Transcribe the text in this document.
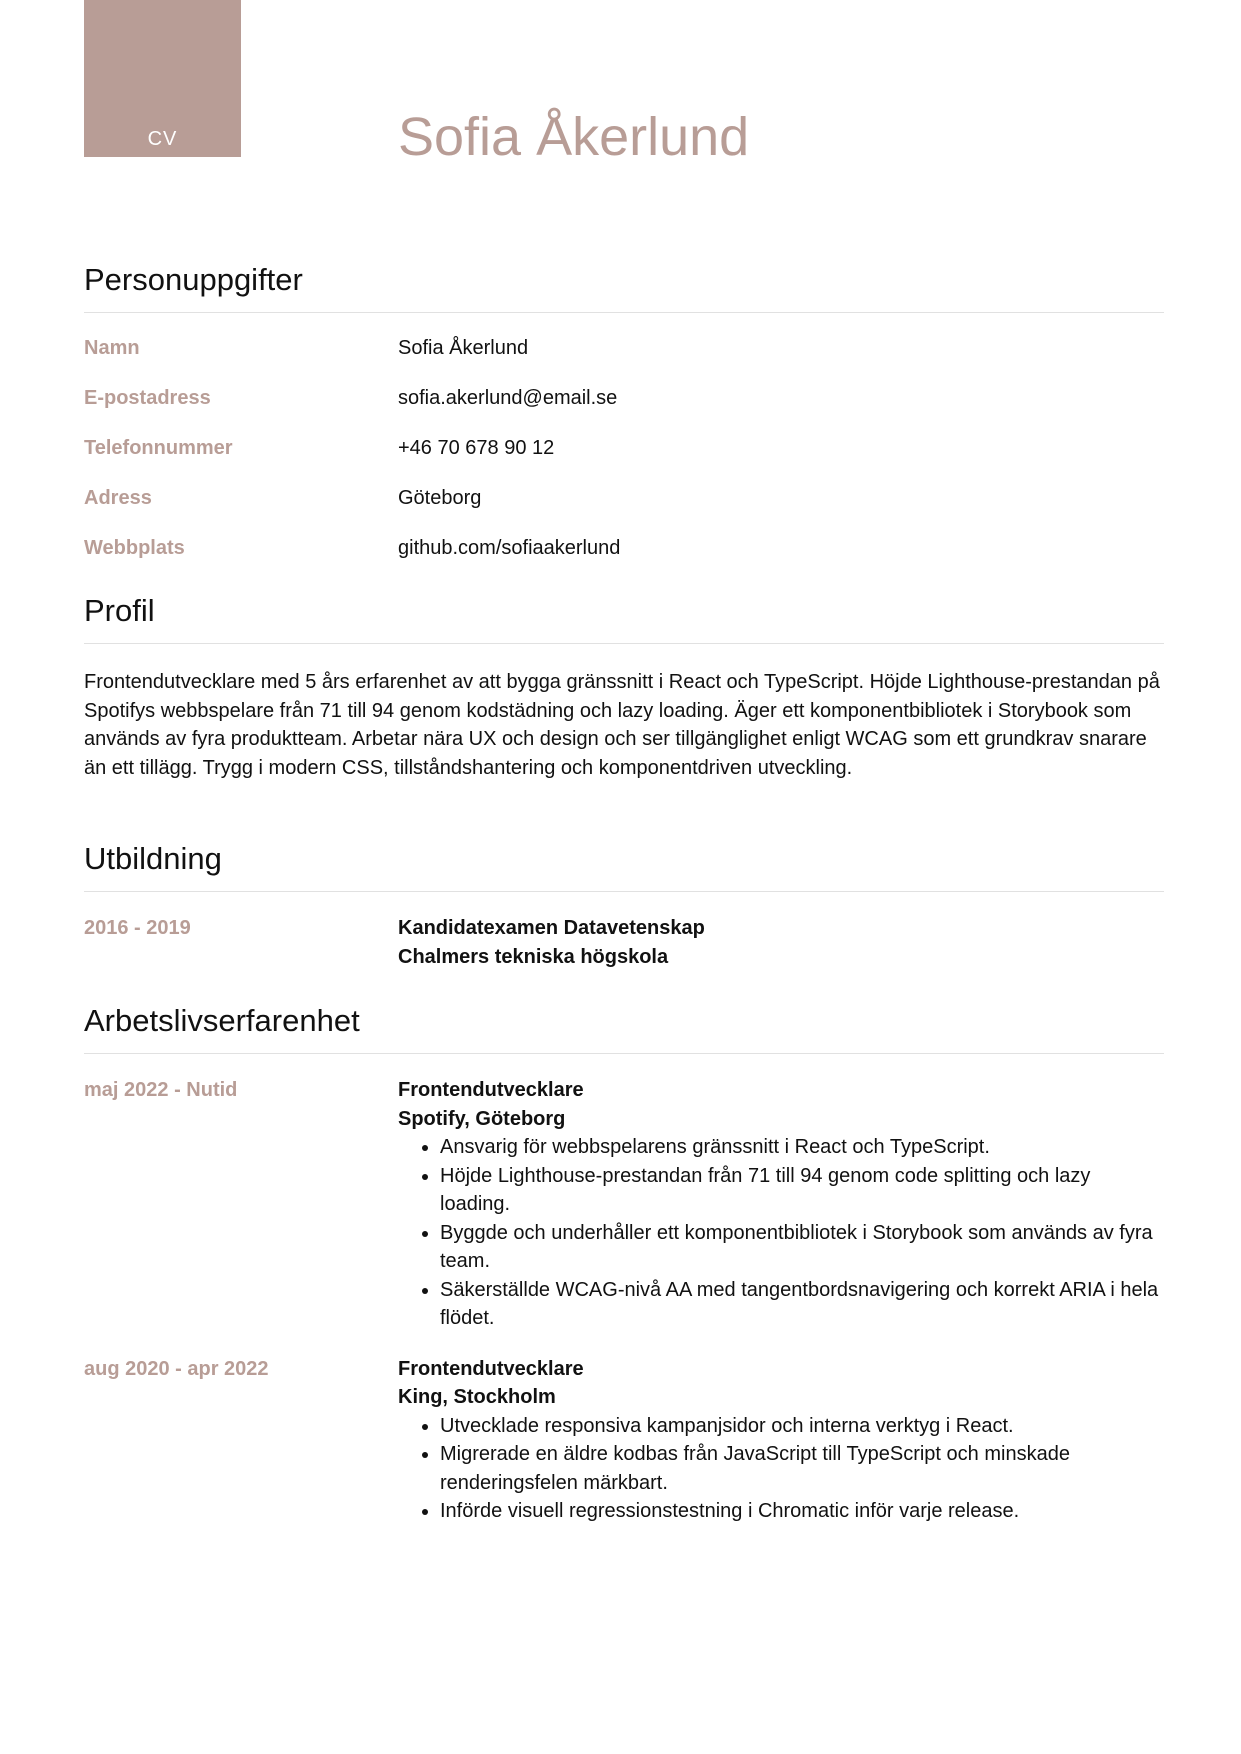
CV	Sofia Åkerlund
Personuppgifter
Namn	Sofia Åkerlund
E-postadress	sofia.akerlund@email.se
Telefonnummer	+46 70 678 90 12
Adress	Göteborg
Webbplats	github.com/sofiaakerlund
Profil

Frontendutvecklare med 5 års erfarenhet av att bygga gränssnitt i React och TypeScript. Höjde Lighthouse-prestandan på Spotifys webbspelare från 71 till 94 genom kodstädning och lazy loading. Äger ett komponentbibliotek i Storybook som används av fyra produktteam. Arbetar nära UX och design och ser tillgänglighet enligt WCAG som ett grundkrav snarare än ett tillägg. Trygg i modern CSS, tillståndshantering och komponentdriven utveckling.

Utbildning
2016 - 2019	Kandidatexamen Datavetenskap
Chalmers tekniska högskola
Arbetslivserfarenhet
maj 2022 - Nutid	Frontendutvecklare
Spotify, Göteborg
• Ansvarig för webbspelarens gränssnitt i React och TypeScript.
• Höjde Lighthouse-prestandan från 71 till 94 genom code splitting och lazy loading.
• Byggde och underhåller ett komponentbibliotek i Storybook som används av fyra team.
• Säkerställde WCAG-nivå AA med tangentbordsnavigering och korrekt ARIA i hela flödet.
aug 2020 - apr 2022	Frontendutvecklare
King, Stockholm
• Utvecklade responsiva kampanjsidor och interna verktyg i React.
• Migrerade en äldre kodbas från JavaScript till TypeScript och minskade renderingsfelen märkbart.
• Införde visuell regressionstestning i Chromatic inför varje release.
